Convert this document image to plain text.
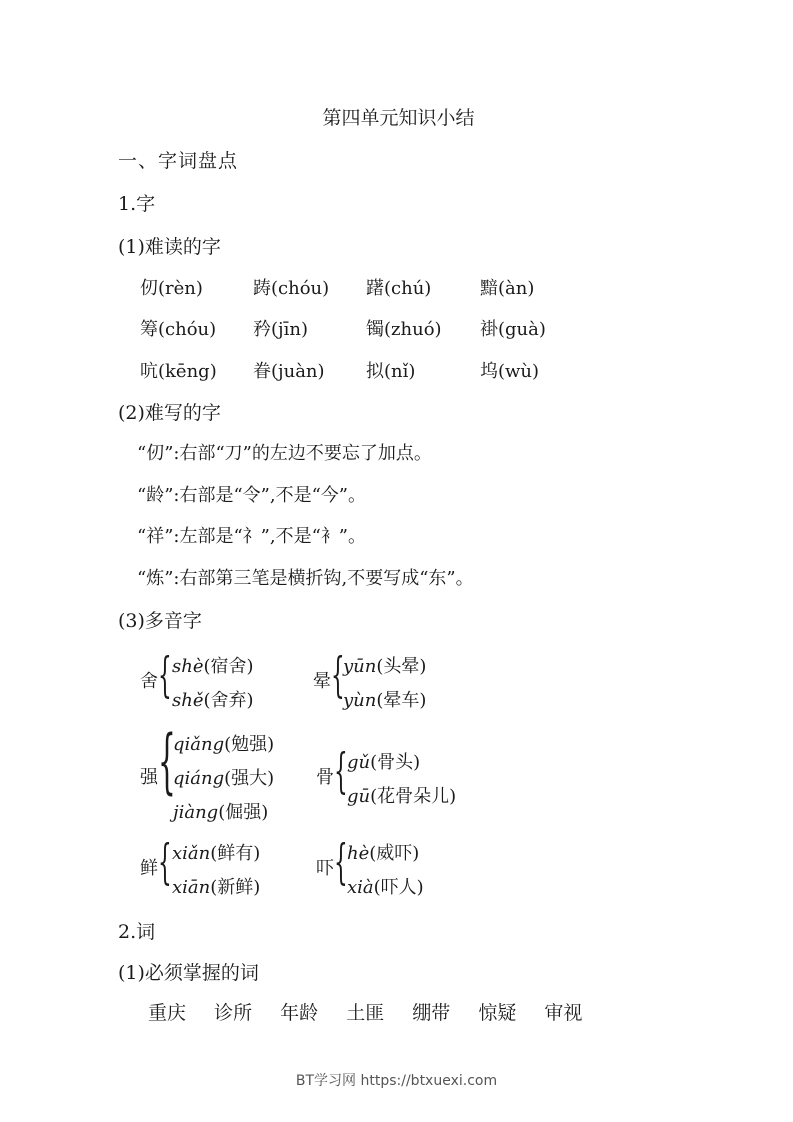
第四单元知识小结
一、字词盘点
1.字
(1)难读的字
仞(rèn)	踌(chóu) 躇(chú)	黯(àn)
筹(chóu) 矜(jīn)	镯(zhuó) 褂(guà)
吭(kēng) 眷(juàn) 拟(nǐ)	坞(wù)
(2)难写的字
“仞”:右部“刀”的左边不要忘了加点。
“龄”:右部是“令”,不是“今”。
“祥”:左部是“礻”,不是“衤”。
“炼”:右部第三笔是横折钩,不要写成“东”。
(3)多音字
舍 { shè(宿舍)
shě(舍弃)
晕 {
yūn(头晕)
yùn(晕车)
强 {
qiǎng(勉强)
qiáng(强大)
jiàng(倔强)
骨 { gǔ(骨头)
gū(花骨朵儿)
鲜 { xiǎn(鲜有)
xiān(新鲜)
吓 { hè(威吓)
xià(吓人)
2.词
(1)必须掌握的词
重庆 诊所 年龄 土匪 绷带 惊疑 审视
BT学习网 https://btxuexi.com
